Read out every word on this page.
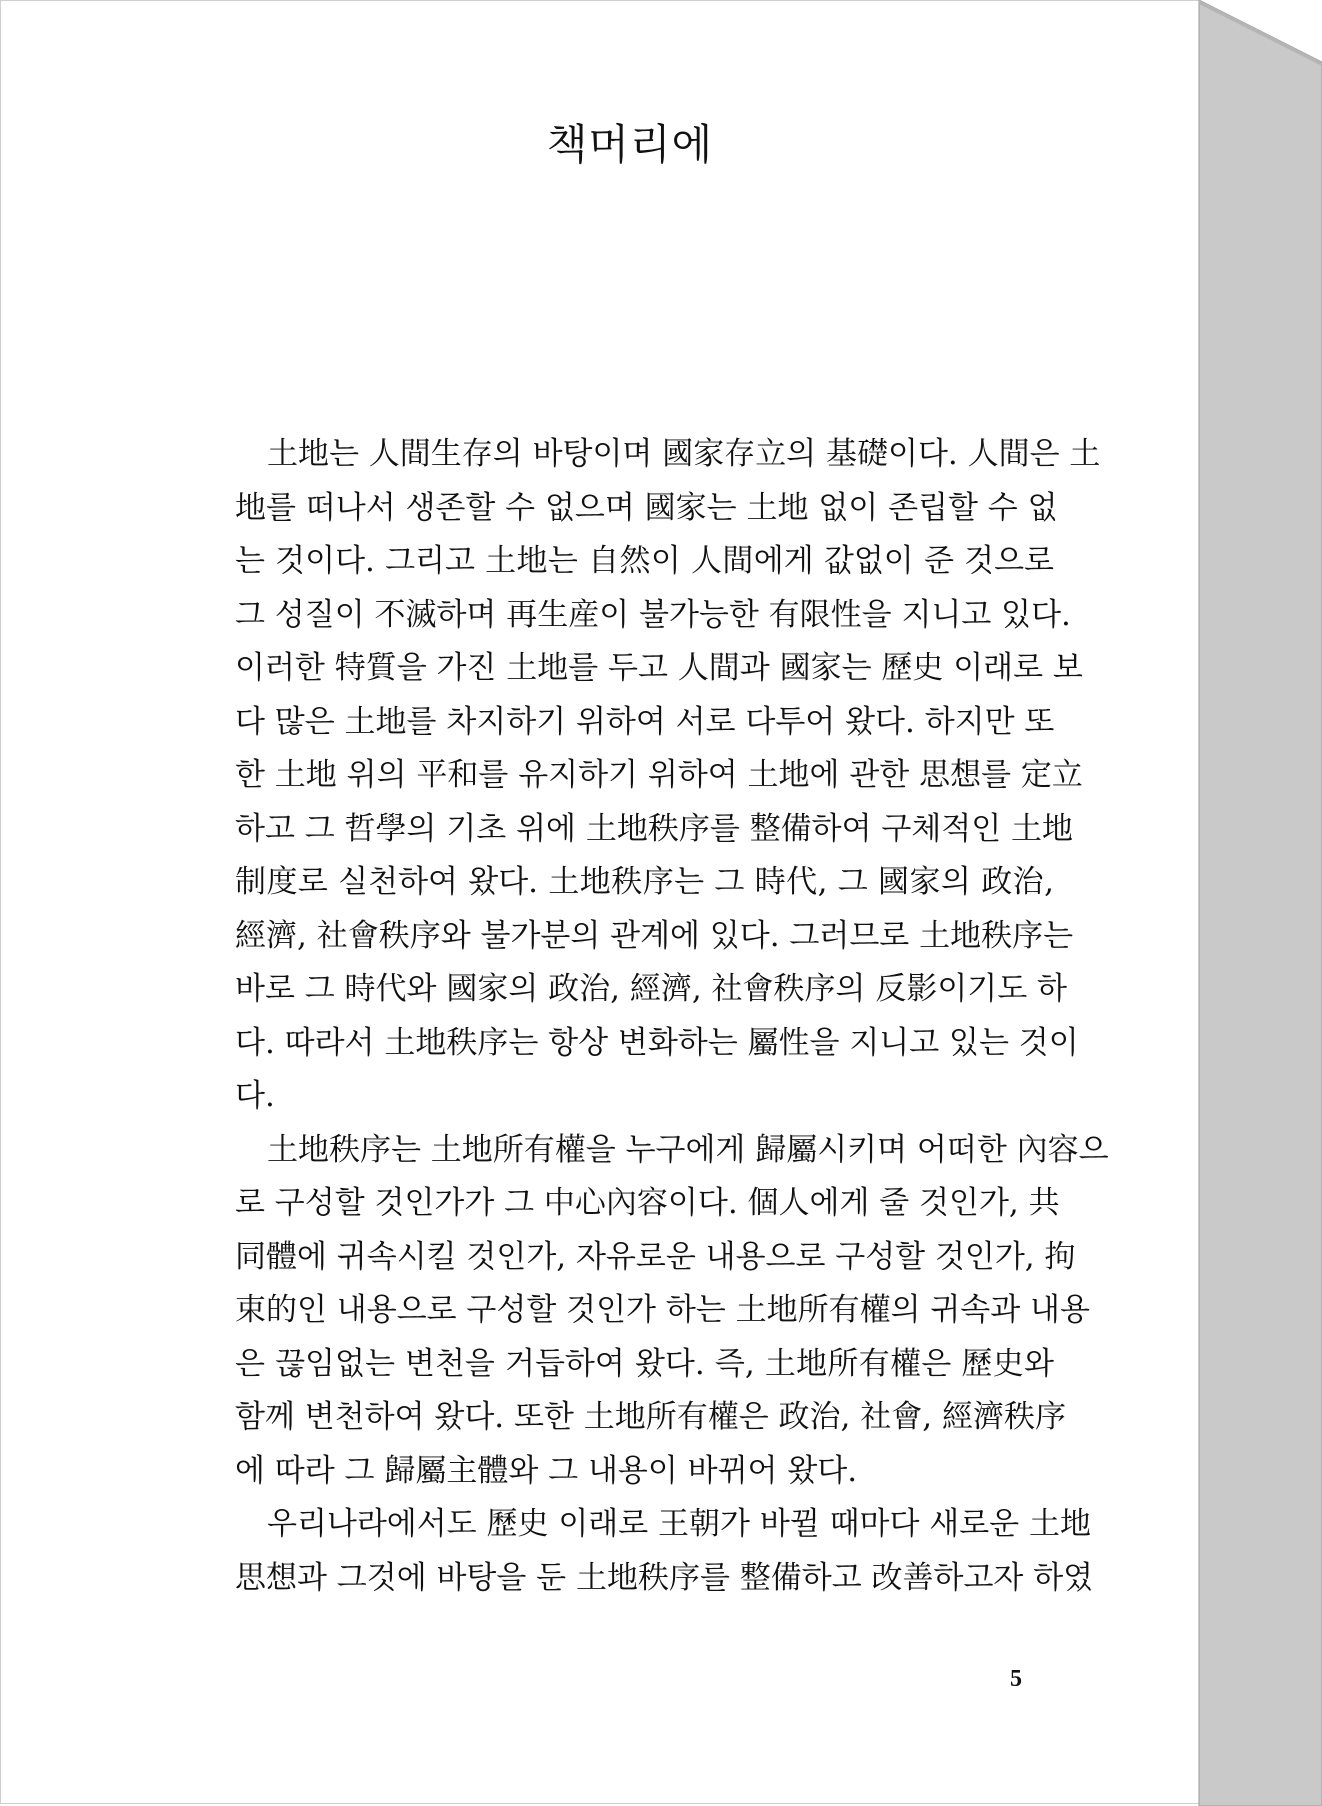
책머리에
土地는 人間生存의 바탕이며 國家存立의 基礎이다. 人間은 土
地를 떠나서 생존할 수 없으며 國家는 土地 없이 존립할 수 없
는 것이다. 그리고 土地는 自然이 人間에게 값없이 준 것으로
그 성질이 不滅하며 再生産이 불가능한 有限性을 지니고 있다.
이러한 特質을 가진 土地를 두고 人間과 國家는 歷史 이래로 보
다 많은 土地를 차지하기 위하여 서로 다투어 왔다. 하지만 또
한 土地 위의 平和를 유지하기 위하여 土地에 관한 思想를 定立
하고 그 哲學의 기초 위에 土地秩序를 整備하여 구체적인 土地
制度로 실천하여 왔다. 土地秩序는 그 時代, 그 國家의 政治,
經濟, 社會秩序와 불가분의 관계에 있다. 그러므로 土地秩序는
바로 그 時代와 國家의 政治, 經濟, 社會秩序의 反影이기도 하
다. 따라서 土地秩序는 항상 변화하는 屬性을 지니고 있는 것이
다.
土地秩序는 土地所有權을 누구에게 歸屬시키며 어떠한 內容으
로 구성할 것인가가 그 中心內容이다. 個人에게 줄 것인가, 共
同體에 귀속시킬 것인가, 자유로운 내용으로 구성할 것인가, 拘
束的인 내용으로 구성할 것인가 하는 土地所有權의 귀속과 내용
은 끊임없는 변천을 거듭하여 왔다. 즉, 土地所有權은 歷史와
함께 변천하여 왔다. 또한 土地所有權은 政治, 社會, 經濟秩序
에 따라 그 歸屬主體와 그 내용이 바뀌어 왔다.
우리나라에서도 歷史 이래로 王朝가 바뀔 때마다 새로운 土地
思想과 그것에 바탕을 둔 土地秩序를 整備하고 改善하고자 하였
5
